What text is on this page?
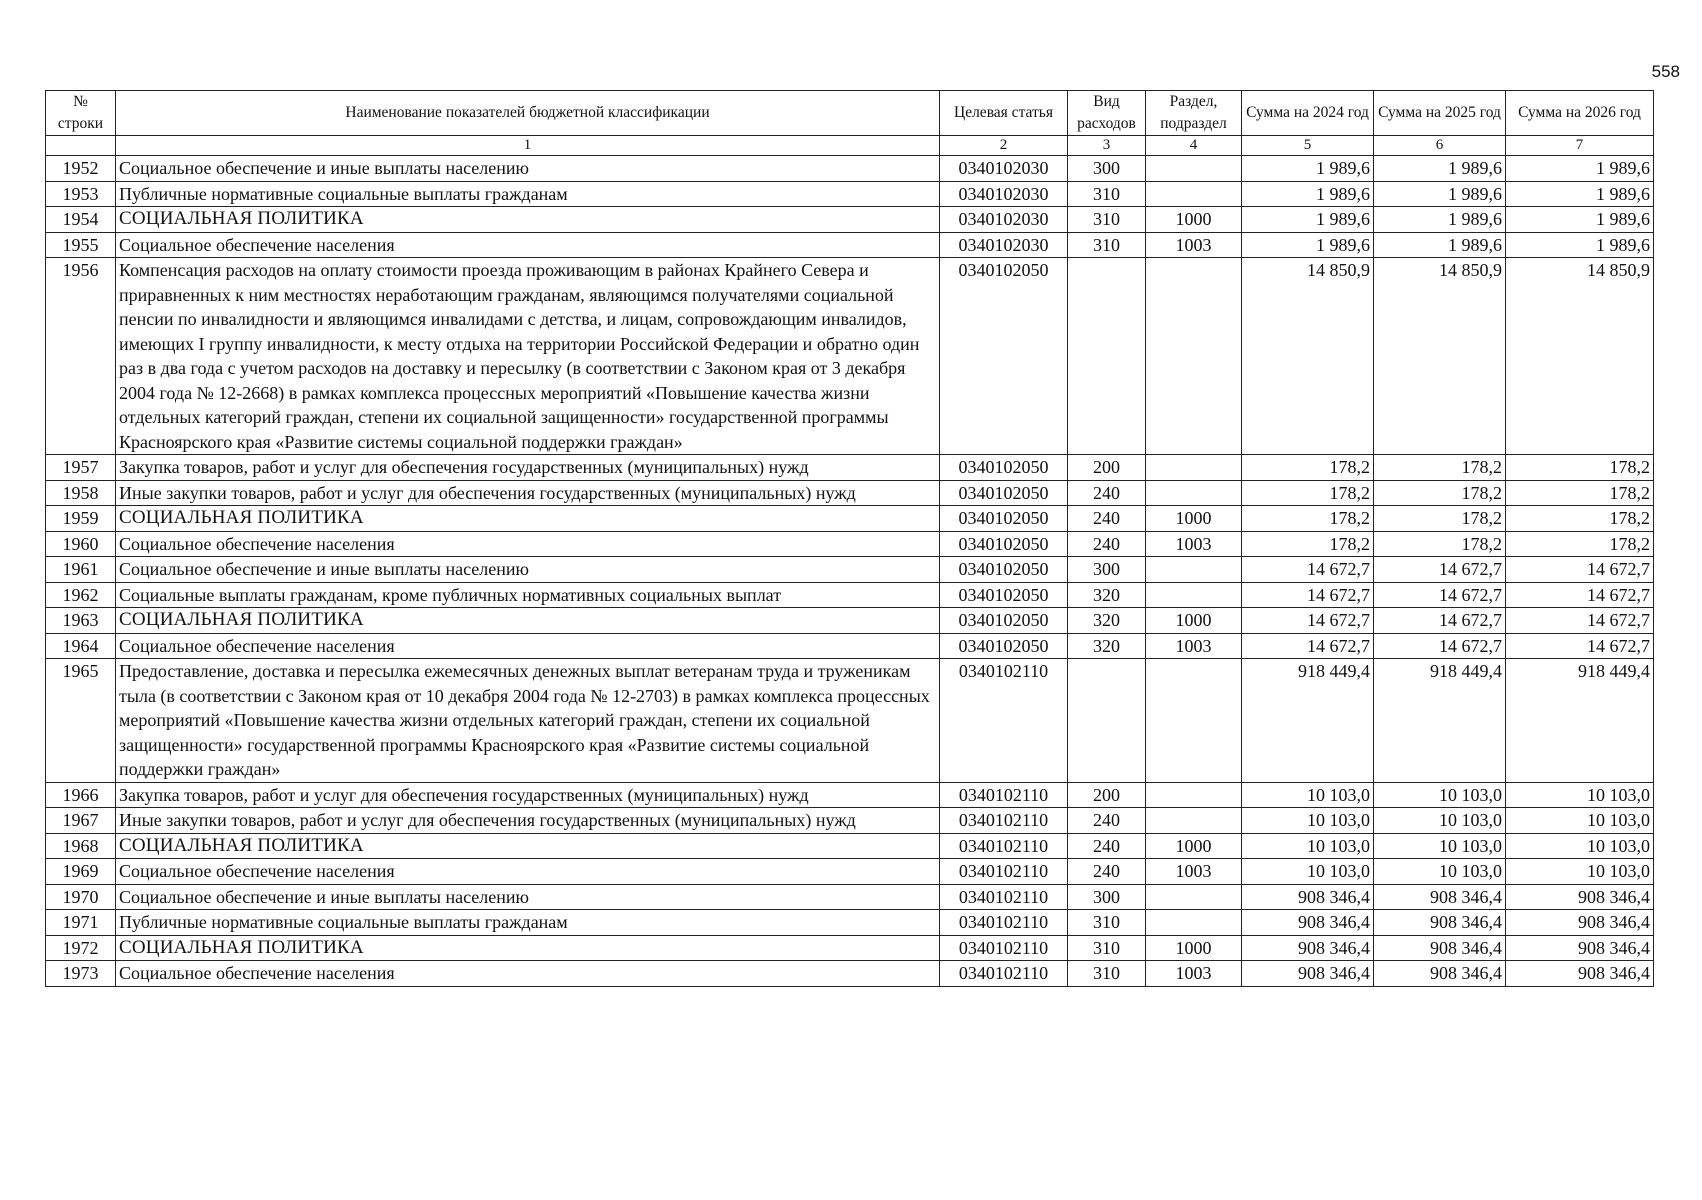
558
№ строки	Наименование показателей бюджетной классификации	Целевая статья	Вид расходов	Раздел, подраздел	Сумма на 2024 год	Сумма на 2025 год	Сумма на 2026 год
	1	2	3	4	5	6	7
1952	Социальное обеспечение и иные выплаты населению	0340102030	300		1 989,6	1 989,6	1 989,6
1953	Публичные нормативные социальные выплаты гражданам	0340102030	310		1 989,6	1 989,6	1 989,6
1954	СОЦИАЛЬНАЯ ПОЛИТИКА	0340102030	310	1000	1 989,6	1 989,6	1 989,6
1955	Социальное обеспечение населения	0340102030	310	1003	1 989,6	1 989,6	1 989,6
1956	Компенсация расходов на оплату стоимости проезда проживающим в районах Крайнего Севера и приравненных к ним местностях неработающим гражданам, являющимся получателями социальной пенсии по инвалидности и являющимся инвалидами с детства, и лицам, сопровождающим инвалидов, имеющих I группу инвалидности, к месту отдыха на территории Российской Федерации и обратно один раз в два года с учетом расходов на доставку и пересылку (в соответствии с Законом края от 3 декабря 2004 года № 12-2668) в рамках комплекса процессных мероприятий «Повышение качества жизни отдельных категорий граждан, степени их социальной защищенности» государственной программы Красноярского края «Развитие системы социальной поддержки граждан»	0340102050			14 850,9	14 850,9	14 850,9
1957	Закупка товаров, работ и услуг для обеспечения государственных (муниципальных) нужд	0340102050	200		178,2	178,2	178,2
1958	Иные закупки товаров, работ и услуг для обеспечения государственных (муниципальных) нужд	0340102050	240		178,2	178,2	178,2
1959	СОЦИАЛЬНАЯ ПОЛИТИКА	0340102050	240	1000	178,2	178,2	178,2
1960	Социальное обеспечение населения	0340102050	240	1003	178,2	178,2	178,2
1961	Социальное обеспечение и иные выплаты населению	0340102050	300		14 672,7	14 672,7	14 672,7
1962	Социальные выплаты гражданам, кроме публичных нормативных социальных выплат	0340102050	320		14 672,7	14 672,7	14 672,7
1963	СОЦИАЛЬНАЯ ПОЛИТИКА	0340102050	320	1000	14 672,7	14 672,7	14 672,7
1964	Социальное обеспечение населения	0340102050	320	1003	14 672,7	14 672,7	14 672,7
1965	Предоставление, доставка и пересылка ежемесячных денежных выплат ветеранам труда и труженикам тыла (в соответствии с Законом края от 10 декабря 2004 года № 12-2703) в рамках комплекса процессных мероприятий «Повышение качества жизни отдельных категорий граждан, степени их социальной защищенности» государственной программы Красноярского края «Развитие системы социальной поддержки граждан»	0340102110			918 449,4	918 449,4	918 449,4
1966	Закупка товаров, работ и услуг для обеспечения государственных (муниципальных) нужд	0340102110	200		10 103,0	10 103,0	10 103,0
1967	Иные закупки товаров, работ и услуг для обеспечения государственных (муниципальных) нужд	0340102110	240		10 103,0	10 103,0	10 103,0
1968	СОЦИАЛЬНАЯ ПОЛИТИКА	0340102110	240	1000	10 103,0	10 103,0	10 103,0
1969	Социальное обеспечение населения	0340102110	240	1003	10 103,0	10 103,0	10 103,0
1970	Социальное обеспечение и иные выплаты населению	0340102110	300		908 346,4	908 346,4	908 346,4
1971	Публичные нормативные социальные выплаты гражданам	0340102110	310		908 346,4	908 346,4	908 346,4
1972	СОЦИАЛЬНАЯ ПОЛИТИКА	0340102110	310	1000	908 346,4	908 346,4	908 346,4
1973	Социальное обеспечение населения	0340102110	310	1003	908 346,4	908 346,4	908 346,4
